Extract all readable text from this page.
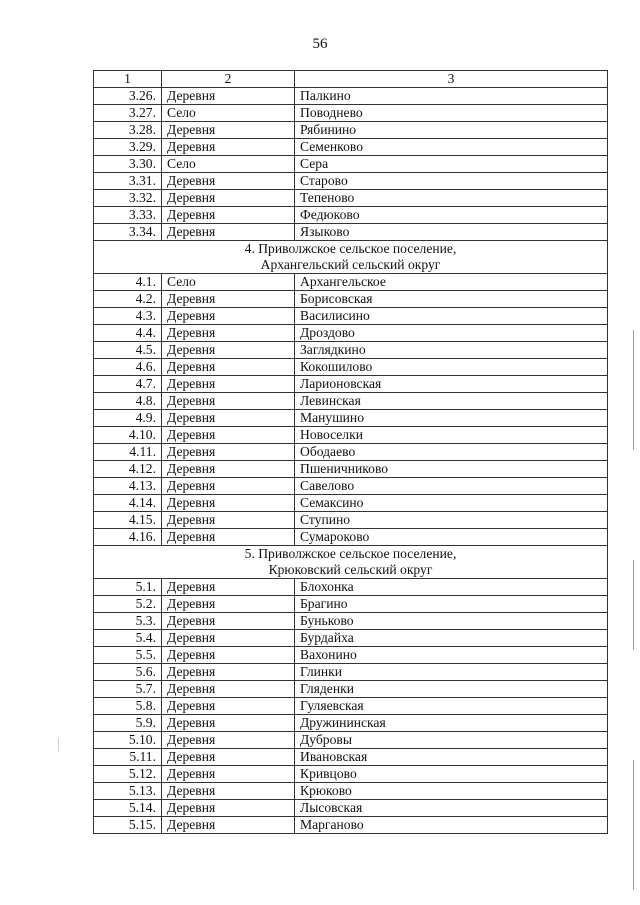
56
1	2	3
3.26.	Деревня	Палкино
3.27.	Село	Поводнево
3.28.	Деревня	Рябинино
3.29.	Деревня	Семенково
3.30.	Село	Сера
3.31.	Деревня	Старово
3.32.	Деревня	Тепеново
3.33.	Деревня	Федюково
3.34.	Деревня	Языково

4. Приволжское сельское поселение,
Архангельский сельский округ		

4.1.	Село	Архангельское
4.2.	Деревня	Борисовская
4.3.	Деревня	Василисино
4.4.	Деревня	Дроздово
4.5.	Деревня	Заглядкино
4.6.	Деревня	Кокошилово
4.7.	Деревня	Ларионовская
4.8.	Деревня	Левинская
4.9.	Деревня	Манушино
4.10.	Деревня	Новоселки
4.11.	Деревня	Ободаево
4.12.	Деревня	Пшеничниково
4.13.	Деревня	Савелово
4.14.	Деревня	Семаксино
4.15.	Деревня	Ступино
4.16.	Деревня	Сумароково

5. Приволжское сельское поселение,
Крюковский сельский округ		

5.1.	Деревня	Блохонка
5.2.	Деревня	Брагино
5.3.	Деревня	Буньково
5.4.	Деревня	Бурдайха
5.5.	Деревня	Вахонино
5.6.	Деревня	Глинки
5.7.	Деревня	Гляденки
5.8.	Деревня	Гуляевская
5.9.	Деревня	Дружининская
5.10.	Деревня	Дубровы
5.11.	Деревня	Ивановская
5.12.	Деревня	Кривцово
5.13.	Деревня	Крюково
5.14.	Деревня	Лысовская
5.15.	Деревня	Марганово
